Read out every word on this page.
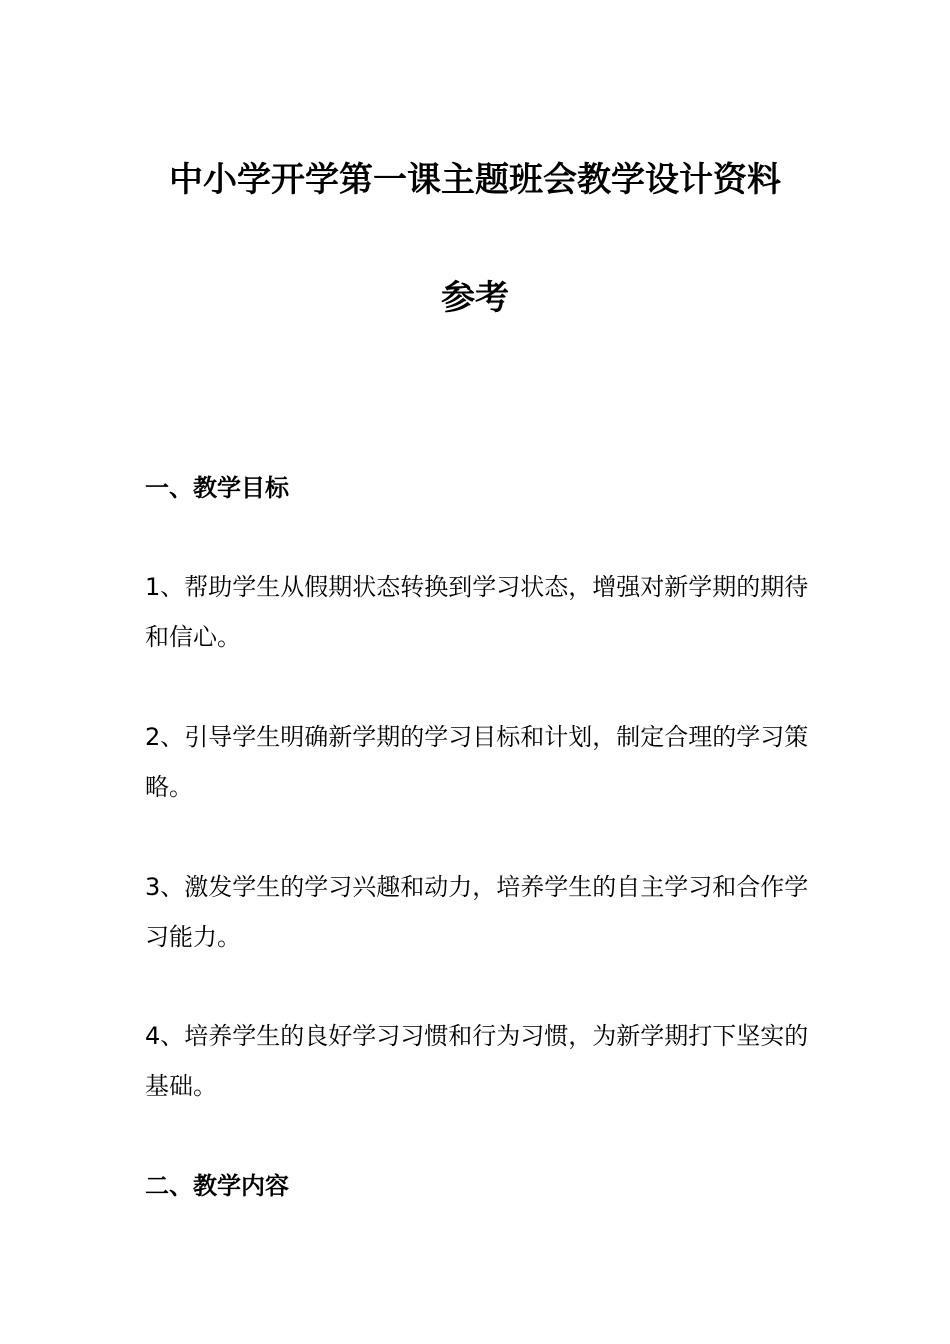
中小学开学第一课主题班会教学设计资料
参考
一、教学目标

1、帮助学生从假期状态转换到学习状态，增强对新学期的期待和信心。

2、引导学生明确新学期的学习目标和计划，制定合理的学习策略。

3、激发学生的学习兴趣和动力，培养学生的自主学习和合作学习能力。

4、培养学生的良好学习习惯和行为习惯，为新学期打下坚实的基础。

二、教学内容
